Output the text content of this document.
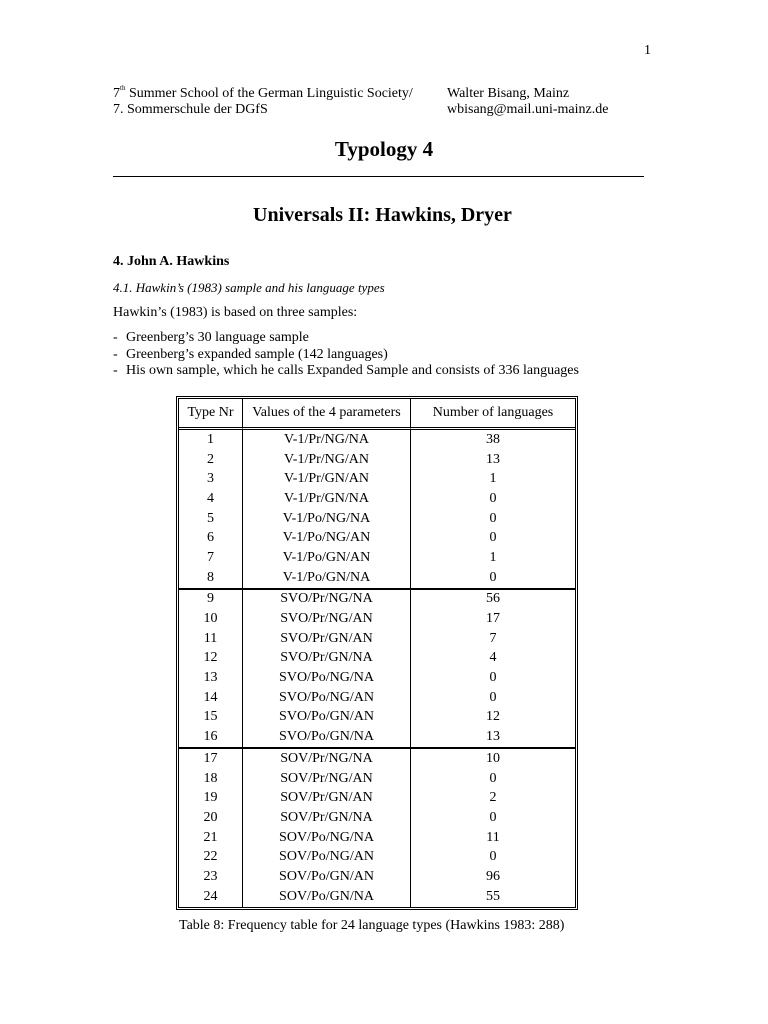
1
7th Summer School of the German Linguistic Society/
7. Sommerschule der DGfS
Walter Bisang, Mainz
wbisang@mail.uni-mainz.de
Typology 4
Universals II: Hawkins, Dryer
4. John A. Hawkins
4.1. Hawkin’s (1983) sample and his language types
Hawkin’s (1983) is based on three samples:
- Greenberg’s 30 language sample
- Greenberg’s expanded sample (142 languages)
- His own sample, which he calls Expanded Sample and consists of 336 languages
Type Nr	Values of the 4 parameters	Number of languages
1	V-1/Pr/NG/NA	38
2	V-1/Pr/NG/AN	13
3	V-1/Pr/GN/AN	1
4	V-1/Pr/GN/NA	0
5	V-1/Po/NG/NA	0
6	V-1/Po/NG/AN	0
7	V-1/Po/GN/AN	1
8	V-1/Po/GN/NA	0
9	SVO/Pr/NG/NA	56
10	SVO/Pr/NG/AN	17
11	SVO/Pr/GN/AN	7
12	SVO/Pr/GN/NA	4
13	SVO/Po/NG/NA	0
14	SVO/Po/NG/AN	0
15	SVO/Po/GN/AN	12
16	SVO/Po/GN/NA	13
17	SOV/Pr/NG/NA	10
18	SOV/Pr/NG/AN	0
19	SOV/Pr/GN/AN	2
20	SOV/Pr/GN/NA	0
21	SOV/Po/NG/NA	11
22	SOV/Po/NG/AN	0
23	SOV/Po/GN/AN	96
24	SOV/Po/GN/NA	55
Table 8: Frequency table for 24 language types (Hawkins 1983: 288)
